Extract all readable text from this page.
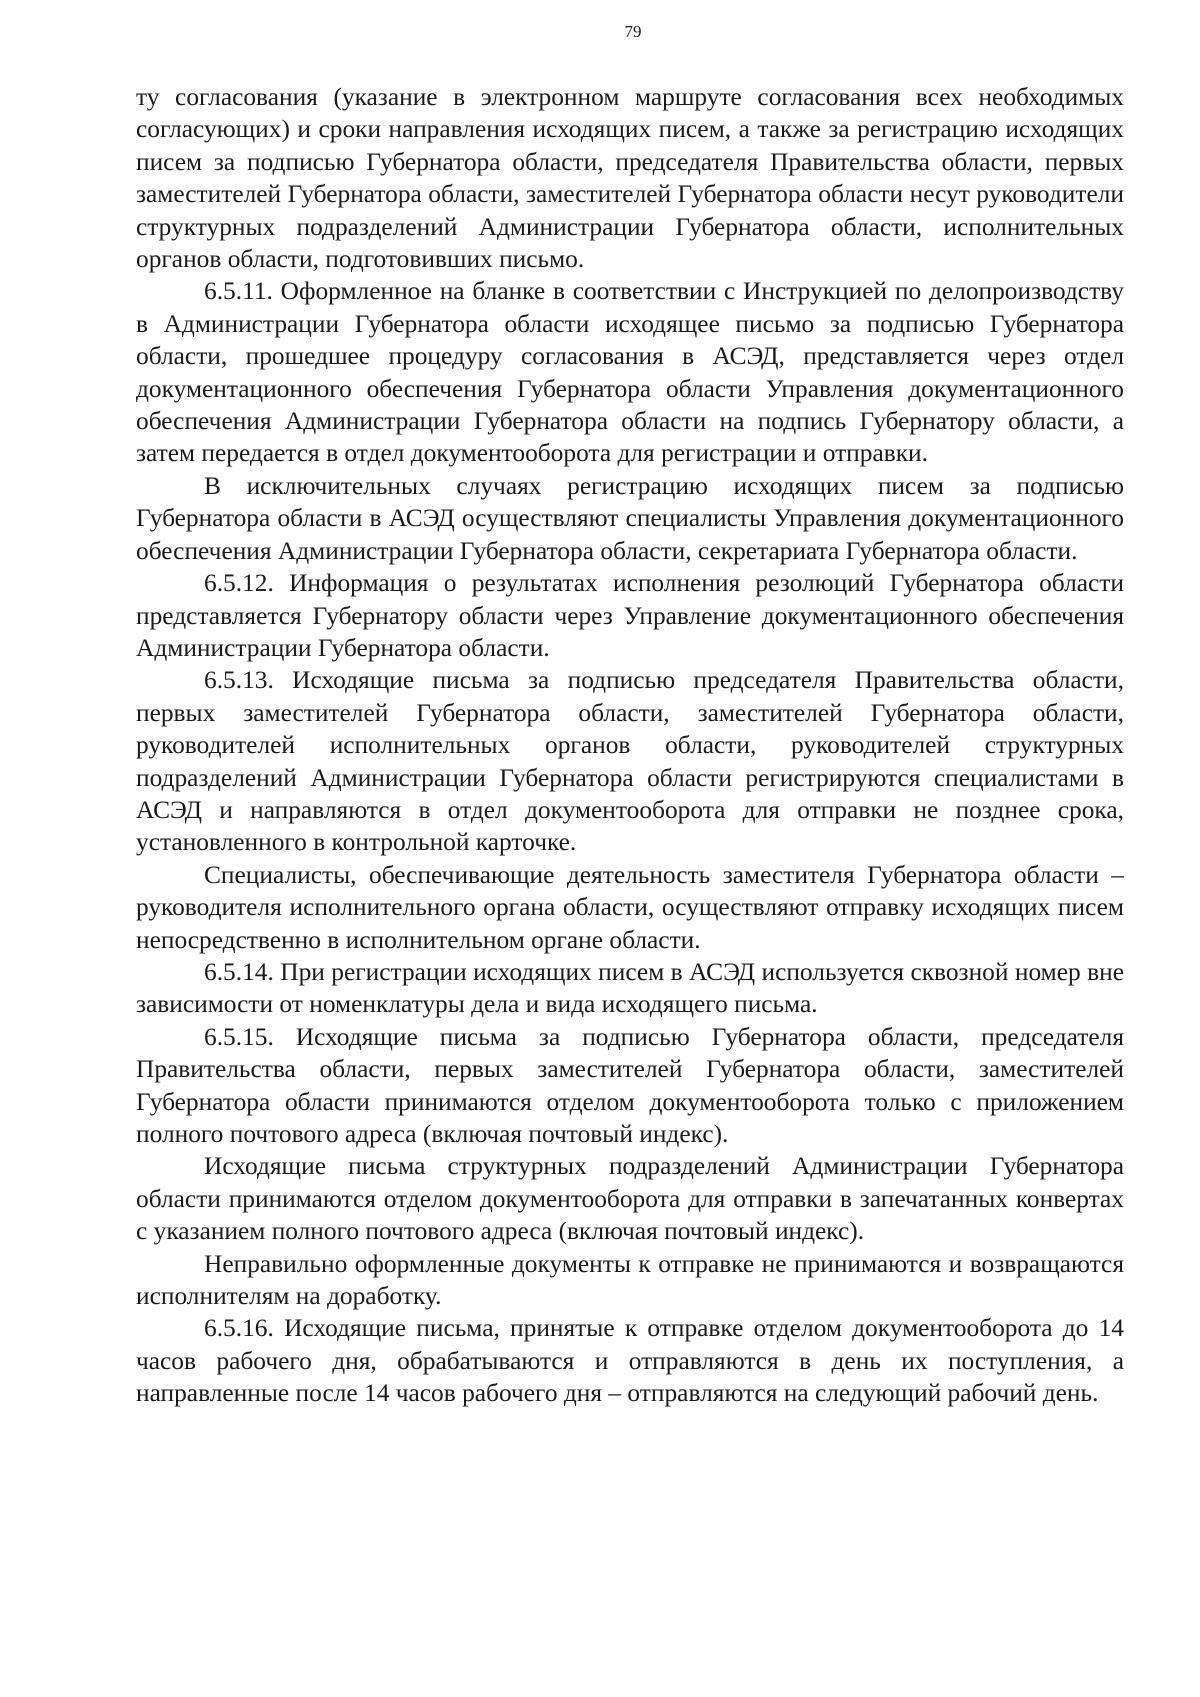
79

ту согласования (указание в электронном маршруте согласования всех необходимых согласующих) и сроки направления исходящих писем, а также за регистрацию исходящих писем за подписью Губернатора области, председателя Правительства области, первых заместителей Губернатора области, заместителей Губернатора области несут руководители структурных подразделений Администрации Губернатора области, исполнительных органов области, подготовивших письмо.

6.5.11. Оформленное на бланке в соответствии с Инструкцией по делопроизводству в Администрации Губернатора области исходящее письмо за подписью Губернатора области, прошедшее процедуру согласования в АСЭД, представляется через отдел документационного обеспечения Губернатора области Управления документационного обеспечения Администрации Губернатора области на подпись Губернатору области, а затем передается в отдел документооборота для регистрации и отправки.

В исключительных случаях регистрацию исходящих писем за подписью Губернатора области в АСЭД осуществляют специалисты Управления документационного обеспечения Администрации Губернатора области, секретариата Губернатора области.

6.5.12. Информация о результатах исполнения резолюций Губернатора области представляется Губернатору области через Управление документационного обеспечения Администрации Губернатора области.

6.5.13. Исходящие письма за подписью председателя Правительства области, первых заместителей Губернатора области, заместителей Губернатора области, руководителей исполнительных органов области, руководителей структурных подразделений Администрации Губернатора области регистрируются специалистами в АСЭД и направляются в отдел документооборота для отправки не позднее срока, установленного в контрольной карточке.

Специалисты, обеспечивающие деятельность заместителя Губернатора области – руководителя исполнительного органа области, осуществляют отправку исходящих писем непосредственно в исполнительном органе области.

6.5.14. При регистрации исходящих писем в АСЭД используется сквозной номер вне зависимости от номенклатуры дела и вида исходящего письма.

6.5.15. Исходящие письма за подписью Губернатора области, председателя Правительства области, первых заместителей Губернатора области, заместителей Губернатора области принимаются отделом документооборота только с приложением полного почтового адреса (включая почтовый индекс).

Исходящие письма структурных подразделений Администрации Губернатора области принимаются отделом документооборота для отправки в запечатанных конвертах с указанием полного почтового адреса (включая почтовый индекс).

Неправильно оформленные документы к отправке не принимаются и возвращаются исполнителям на доработку.

6.5.16. Исходящие письма, принятые к отправке отделом документооборота до 14 часов рабочего дня, обрабатываются и отправляются в день их поступления, а направленные после 14 часов рабочего дня – отправляются на следующий рабочий день.
